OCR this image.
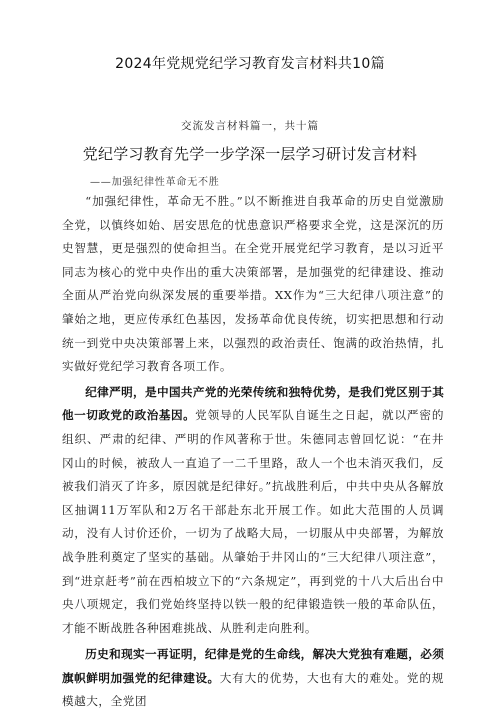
2024年党规党纪学习教育发言材料共10篇
交流发言材料篇一，共十篇
党纪学习教育先学一步学深一层学习研讨发言材料
——加强纪律性革命无不胜

“加强纪律性，革命无不胜。”以不断推进自我革命的历史自觉激励全党，以慎终如始、居安思危的忧患意识严格要求全党，这是深沉的历史智慧，更是强烈的使命担当。在全党开展党纪学习教育，是以习近平同志为核心的党中央作出的重大决策部署，是加强党的纪律建设、推动全面从严治党向纵深发展的重要举措。XX作为“三大纪律八项注意”的肇始之地，更应传承红色基因，发扬革命优良传统，切实把思想和行动统一到党中央决策部署上来，以强烈的政治责任、饱满的政治热情，扎实做好党纪学习教育各项工作。

纪律严明，是中国共产党的光荣传统和独特优势，是我们党区别于其他一切政党的政治基因。党领导的人民军队自诞生之日起，就以严密的组织、严肃的纪律、严明的作风著称于世。朱德同志曾回忆说：“在井冈山的时候，被敌人一直追了一二千里路，敌人一个也未消灭我们，反被我们消灭了许多，原因就是纪律好。”抗战胜利后，中共中央从各解放区抽调11万军队和2万名干部赴东北开展工作。如此大范围的人员调动，没有人讨价还价，一切为了战略大局，一切服从中央部署，为解放战争胜利奠定了坚实的基础。从肇始于井冈山的“三大纪律八项注意”，到“进京赶考”前在西柏坡立下的“六条规定”，再到党的十八大后出台中央八项规定，我们党始终坚持以铁一般的纪律锻造铁一般的革命队伍，才能不断战胜各种困难挑战、从胜利走向胜利。

历史和现实一再证明，纪律是党的生命线，解决大党独有难题，必须旗帜鲜明加强党的纪律建设。大有大的优势，大也有大的难处。党的规模越大，全党团
